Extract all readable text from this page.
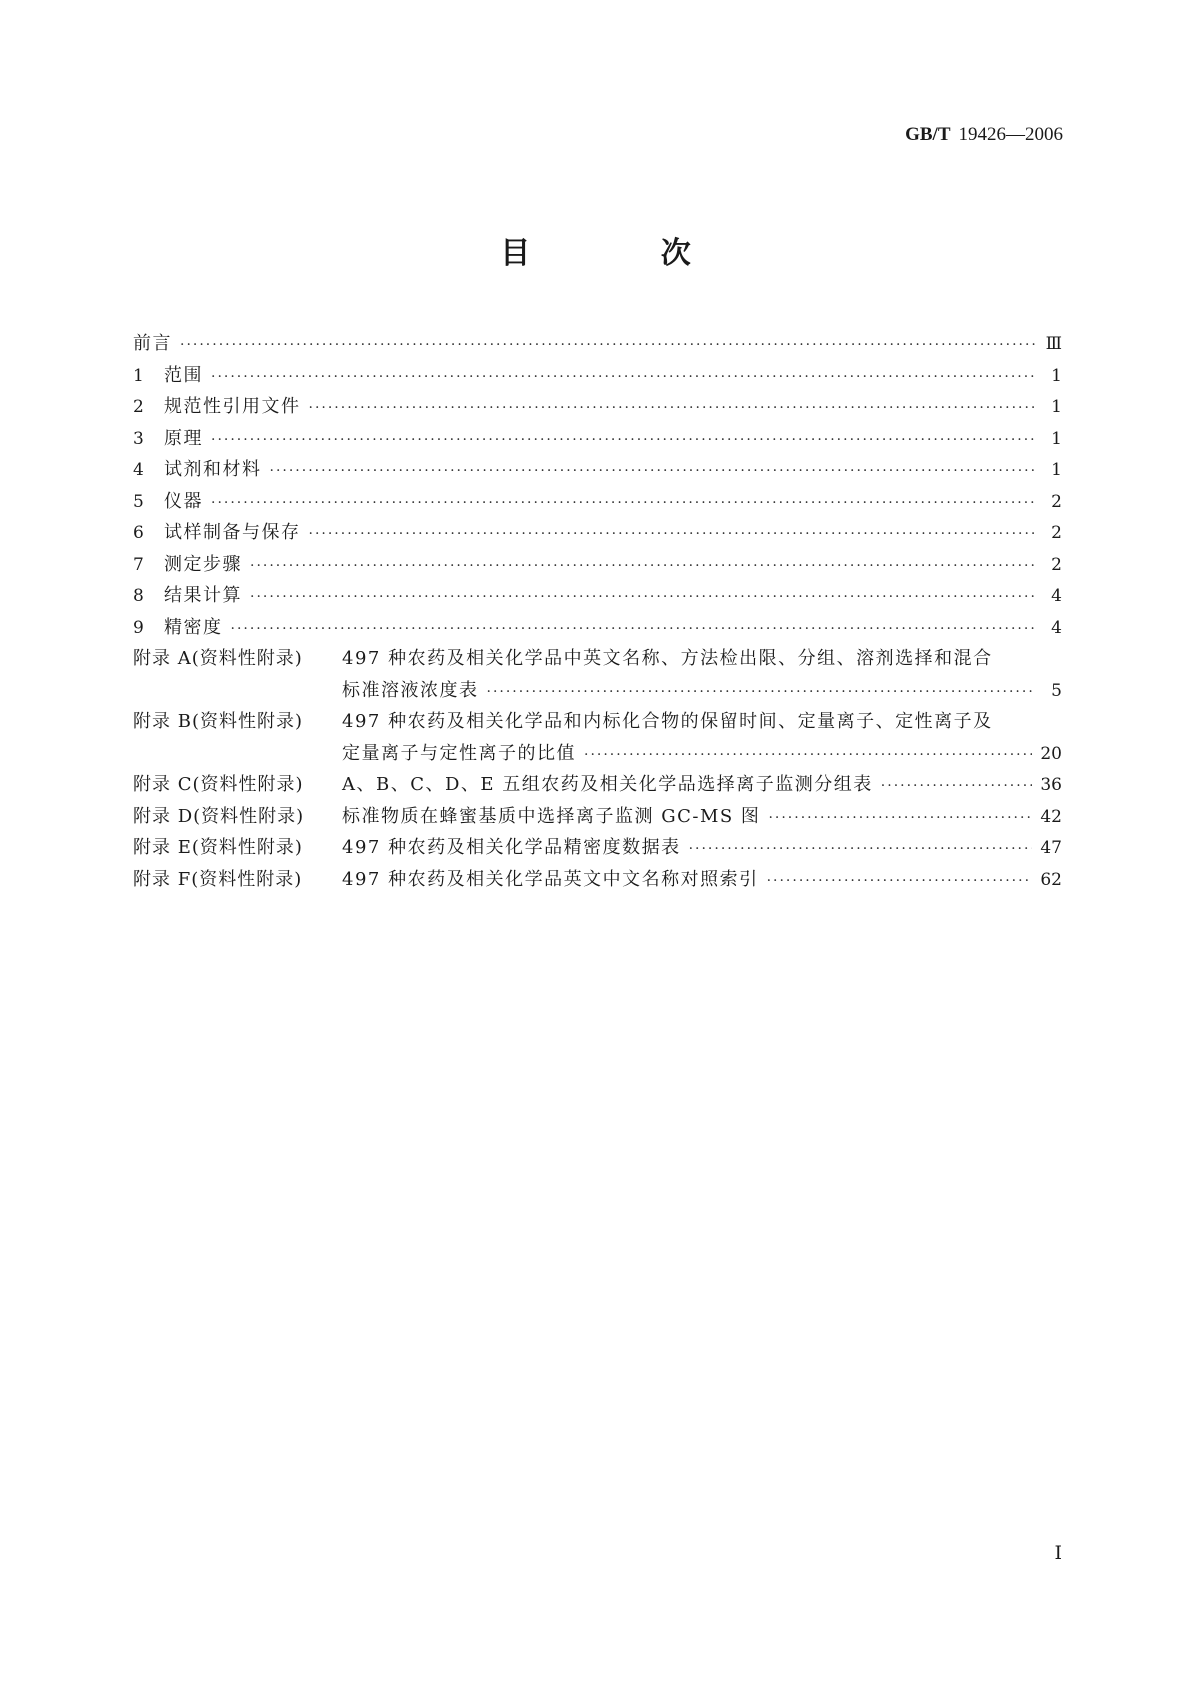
GB/T 19426—2006
目 次
前言 ·····	Ⅲ
1	范围 ·····	1
2	规范性引用文件 ·····	1
3	原理 ·····	1
4	试剂和材料 ·····	1
5	仪器 ·····	2
6	试样制备与保存 ·····	2
7	测定步骤 ·····	2
8	结果计算 ·····	4
9	精密度 ·····	4
附录 A(资料性附录)	497 种农药及相关化学品中英文名称、方法检出限、分组、溶剂选择和混合
标准溶液浓度表 ·····	5
附录 B(资料性附录)	497 种农药及相关化学品和内标化合物的保留时间、定量离子、定性离子及
定量离子与定性离子的比值 ·····	20
附录 C(资料性附录)	A、B、C、D、E 五组农药及相关化学品选择离子监测分组表 ·····	36
附录 D(资料性附录)	标准物质在蜂蜜基质中选择离子监测 GC-MS 图 ·····	42
附录 E(资料性附录)	497 种农药及相关化学品精密度数据表 ·····	47
附录 F(资料性附录)	497 种农药及相关化学品英文中文名称对照索引 ·····	62
I
